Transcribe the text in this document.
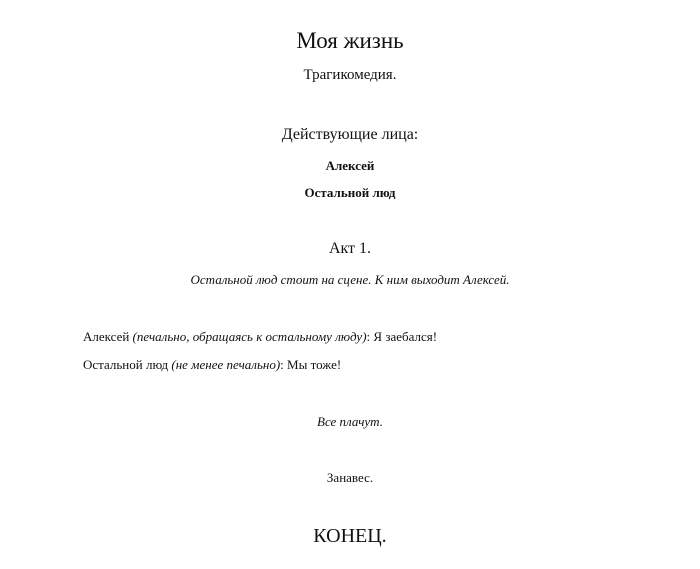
Моя жизнь
Трагикомедия.
Действующие лица:
Алексей
Остальной люд
Акт 1.
Остальной люд стоит на сцене. К ним выходит Алексей.
Алексей (печально, обращаясь к остальному люду): Я заебался!
Остальной люд (не менее печально): Мы тоже!
Все плачут.
Занавес.
КОНЕЦ.
